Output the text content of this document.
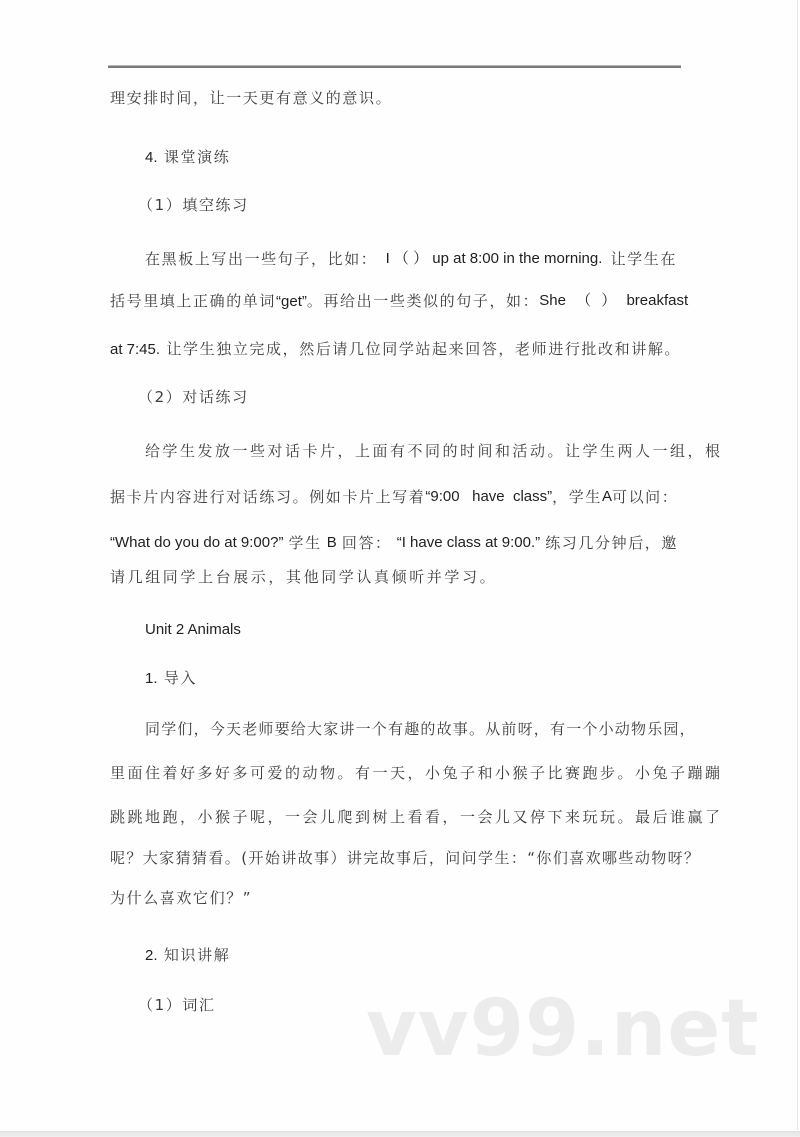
理安排时间，让一天更有意义的意识。
4. 课堂演练
（1）填空练习
在黑板上写出一些句子，比如： I （ ） up at 8:00 in the morning. 让学生在
括号里填上正确的单词“get”。再给出一些类似的句子，如： She （ ） breakfast
at 7:45. 让学生独立完成，然后请几位同学站起来回答，老师进行批改和讲解。
（2）对话练习
给学生发放一些对话卡片，上面有不同的时间和活动。让学生两人一组，根
据卡片内容进行对话练习。例如卡片上写着 “9:00   have  class” ，学生 A 可以问：
“What do you do at 9:00?” 学生 B 回答： “I have class at 9:00.” 练习几分钟后，邀
请几组同学上台展示，其他同学认真倾听并学习。
Unit 2 Animals
1. 导入
同学们，今天老师要给大家讲一个有趣的故事。从前呀，有一个小动物乐园，
里面住着好多好多可爱的动物。有一天，小兔子和小猴子比赛跑步。小兔子蹦蹦
跳跳地跑，小猴子呢，一会儿爬到树上看看，一会儿又停下来玩玩。最后谁赢了
呢？大家猜猜看。(开始讲故事）讲完故事后，问问学生：“你们喜欢哪些动物呀？
为什么喜欢它们？”
2. 知识讲解
（1）词汇 vv99.net
